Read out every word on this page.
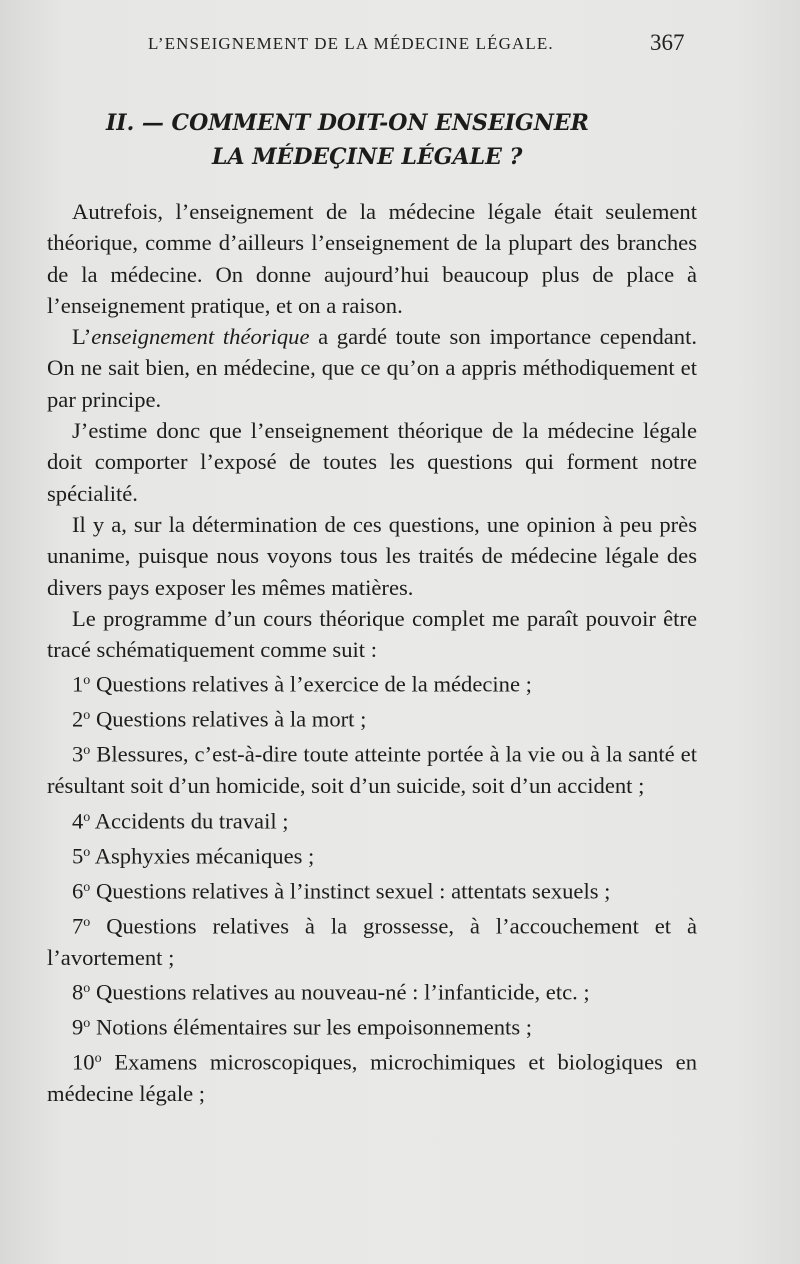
L’ENSEIGNEMENT DE LA MÉDECINE LÉGALE.	367
II. — COMMENT DOIT-ON ENSEIGNER
LA MÉDEÇINE LÉGALE ?

Autrefois, l’enseignement de la médecine légale était seulement théorique, comme d’ailleurs l’enseignement de la plupart des branches de la médecine. On donne aujourd’hui beaucoup plus de place à l’enseignement pratique, et on a raison.

L’enseignement théorique a gardé toute son importance cependant. On ne sait bien, en médecine, que ce qu’on a appris méthodiquement et par principe.

J’estime donc que l’enseignement théorique de la médecine légale doit comporter l’exposé de toutes les questions qui forment notre spécialité.

Il y a, sur la détermination de ces questions, une opinion à peu près unanime, puisque nous voyons tous les traités de médecine légale des divers pays exposer les mêmes matières.

Le programme d’un cours théorique complet me paraît pouvoir être tracé schématiquement comme suit :

1$^o$ Questions relatives à l’exercice de la médecine ;

2$^o$ Questions relatives à la mort ;

3$^o$ Blessures, c’est-à-dire toute atteinte portée à la vie ou à la santé et résultant soit d’un homicide, soit d’un suicide, soit d’un accident ;

4$^o$ Accidents du travail ;

5$^o$ Asphyxies mécaniques ;

6$^o$ Questions relatives à l’instinct sexuel : attentats sexuels ;

7$^o$ Questions relatives à la grossesse, à l’accouchement et à l’avortement ;

8$^o$ Questions relatives au nouveau-né : l’infanticide, etc. ;

9$^o$ Notions élémentaires sur les empoisonnements ;

10$^o$ Examens microscopiques, microchimiques et biologiques en médecine légale ;
